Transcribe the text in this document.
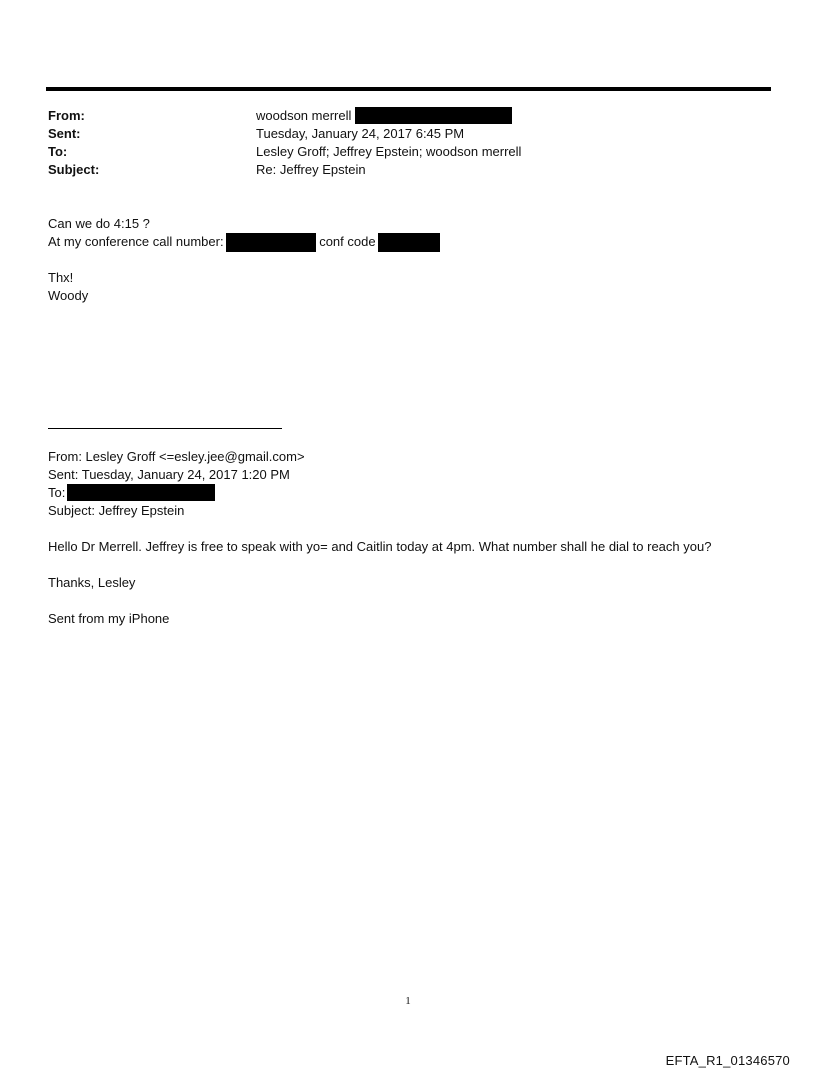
From:	woodson merrell
Sent:	Tuesday, January 24, 2017 6:45 PM
To:	Lesley Groff; Jeffrey Epstein; woodson merrell
Subject:	Re: Jeffrey Epstein
Can we do 4:15 ?
At my conference call number:	conf code
Thx!
Woody
From: Lesley Groff <=esley.jee@gmail.com>
Sent: Tuesday, January 24, 2017 1:20 PM
To:
Subject: Jeffrey Epstein
Hello Dr Merrell. Jeffrey is free to speak with yo= and Caitlin today at 4pm. What number shall he dial to reach you?
Thanks, Lesley
Sent from my iPhone
1
EFTA_R1_01346570
